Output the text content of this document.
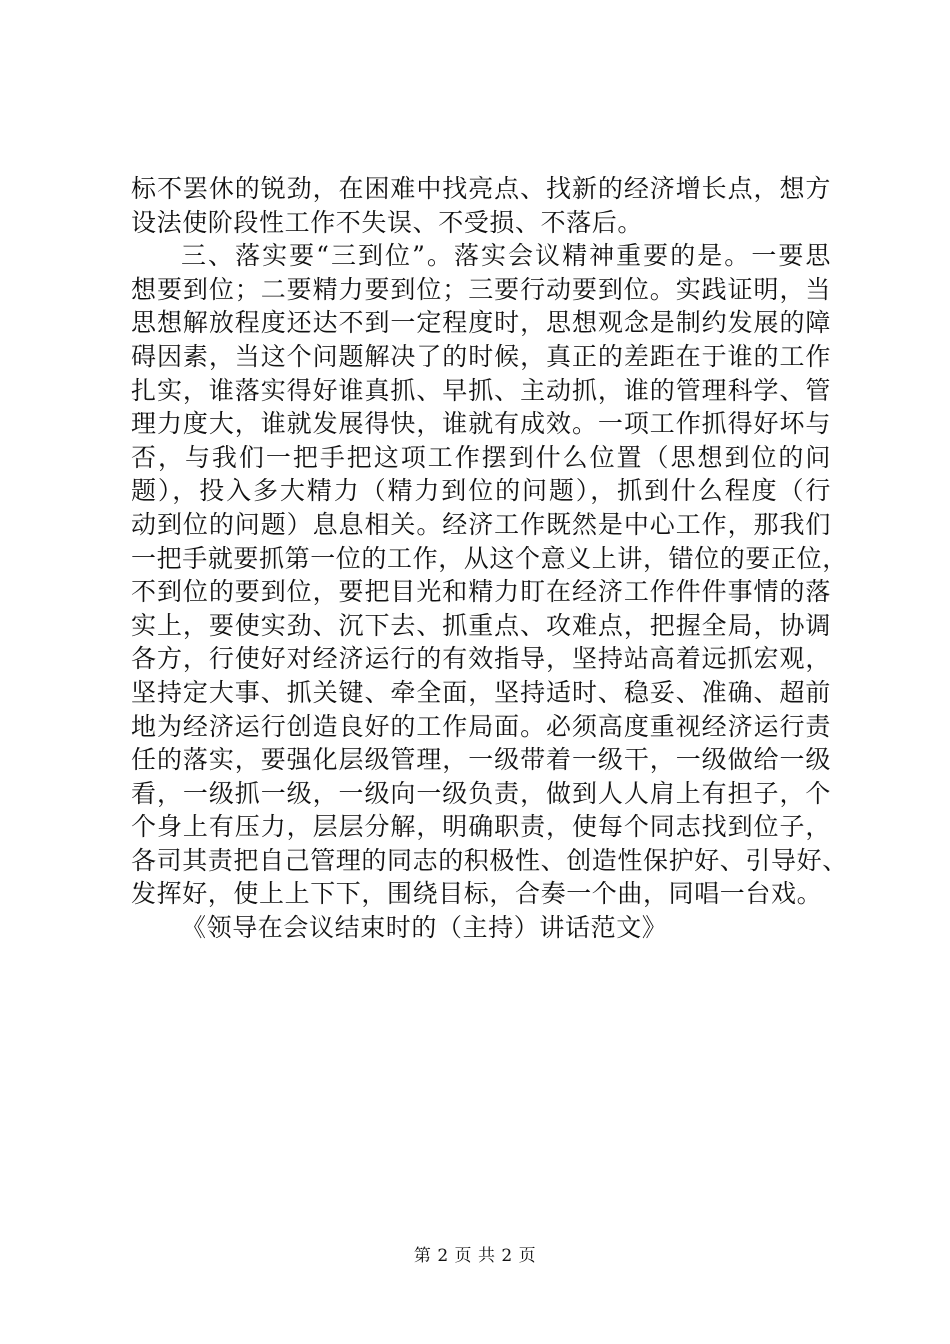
标不罢休的锐劲，在困难中找亮点、找新的经济增长点，想方
设法使阶段性工作不失误、不受损、不落后。
三、落实要“三到位”。落实会议精神重要的是。一要思
想要到位；二要精力要到位；三要行动要到位。实践证明，当
思想解放程度还达不到一定程度时，思想观念是制约发展的障
碍因素，当这个问题解决了的时候，真正的差距在于谁的工作
扎实，谁落实得好谁真抓、早抓、主动抓，谁的管理科学、管
理力度大，谁就发展得快，谁就有成效。一项工作抓得好坏与
否，与我们一把手把这项工作摆到什么位置（思想到位的问
题），投入多大精力（精力到位的问题），抓到什么程度（行
动到位的问题）息息相关。经济工作既然是中心工作，那我们
一把手就要抓第一位的工作，从这个意义上讲，错位的要正位，
不到位的要到位，要把目光和精力盯在经济工作件件事情的落
实上，要使实劲、沉下去、抓重点、攻难点，把握全局，协调
各方，行使好对经济运行的有效指导，坚持站高着远抓宏观，
坚持定大事、抓关键、牵全面，坚持适时、稳妥、准确、超前
地为经济运行创造良好的工作局面。必须高度重视经济运行责
任的落实，要强化层级管理，一级带着一级干，一级做给一级
看，一级抓一级，一级向一级负责，做到人人肩上有担子，个
个身上有压力，层层分解，明确职责，使每个同志找到位子，
各司其责把自己管理的同志的积极性、创造性保护好、引导好、
发挥好，使上上下下，围绕目标，合奏一个曲，同唱一台戏。
《领导在会议结束时的（主持）讲话范文》
第 2 页 共 2 页
